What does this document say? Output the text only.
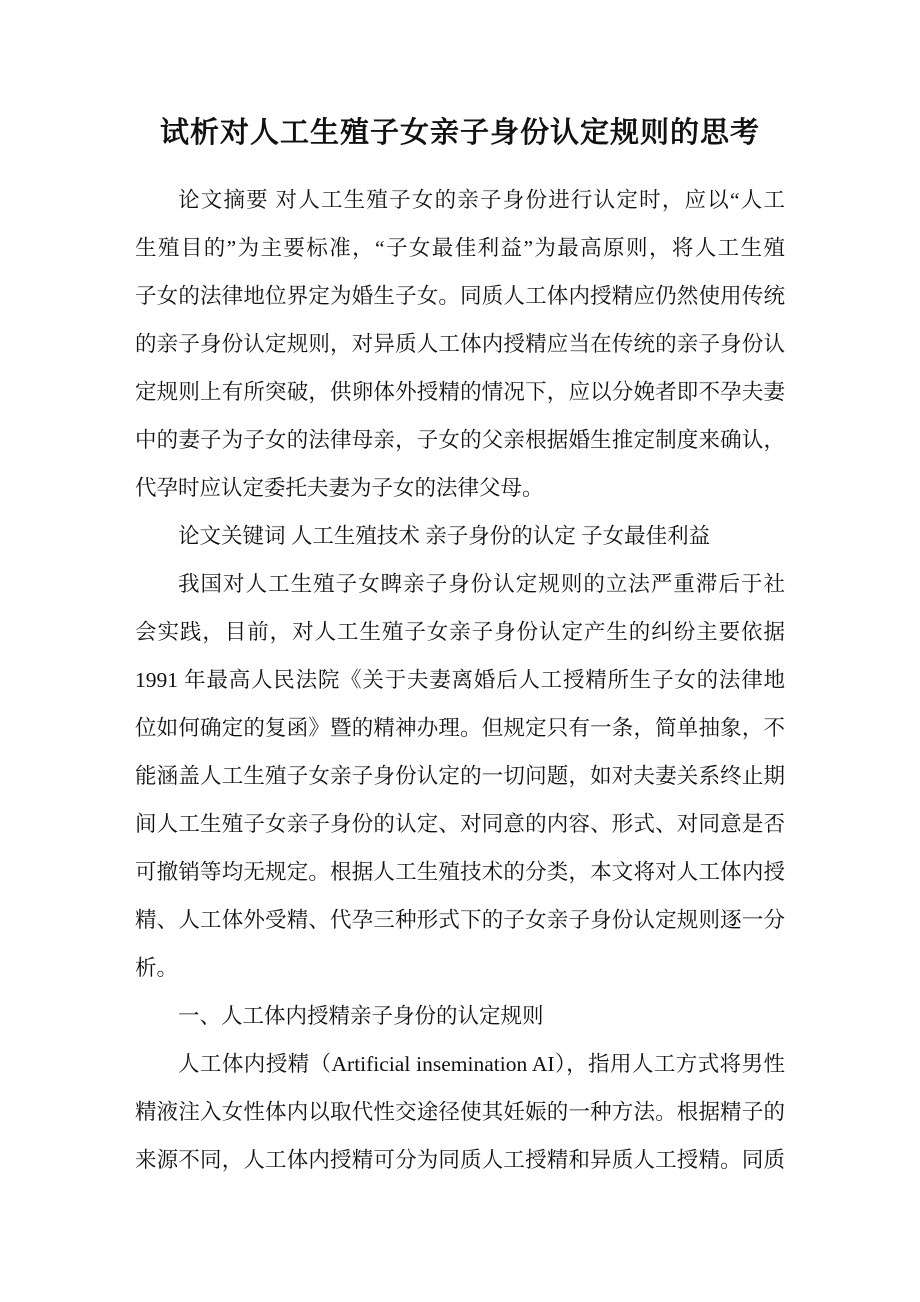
试析对人工生殖子女亲子身份认定规则的思考
论文摘要 对人工生殖子女的亲子身份进行认定时，应以“人工
生殖目的”为主要标准，“子女最佳利益”为最高原则，将人工生殖
子女的法律地位界定为婚生子女。同质人工体内授精应仍然使用传统
的亲子身份认定规则，对异质人工体内授精应当在传统的亲子身份认
定规则上有所突破，供卵体外授精的情况下，应以分娩者即不孕夫妻
中的妻子为子女的法律母亲，子女的父亲根据婚生推定制度来确认，
代孕时应认定委托夫妻为子女的法律父母。
论文关键词 人工生殖技术 亲子身份的认定 子女最佳利益
我国对人工生殖子女睥亲子身份认定规则的立法严重滞后于社
会实践，目前，对人工生殖子女亲子身份认定产生的纠纷主要依据
1991 年最高人民法院《关于夫妻离婚后人工授精所生子女的法律地
位如何确定的复函》暨的精神办理。但规定只有一条，简单抽象，不
能涵盖人工生殖子女亲子身份认定的一切问题，如对夫妻关系终止期
间人工生殖子女亲子身份的认定、对同意的内容、形式、对同意是否
可撤销等均无规定。根据人工生殖技术的分类，本文将对人工体内授
精、人工体外受精、代孕三种形式下的子女亲子身份认定规则逐一分
析。
一、人工体内授精亲子身份的认定规则
人工体内授精（Artificial insemination AI），指用人工方式将男性
精液注入女性体内以取代性交途径使其妊娠的一种方法。根据精子的
来源不同，人工体内授精可分为同质人工授精和异质人工授精。同质
